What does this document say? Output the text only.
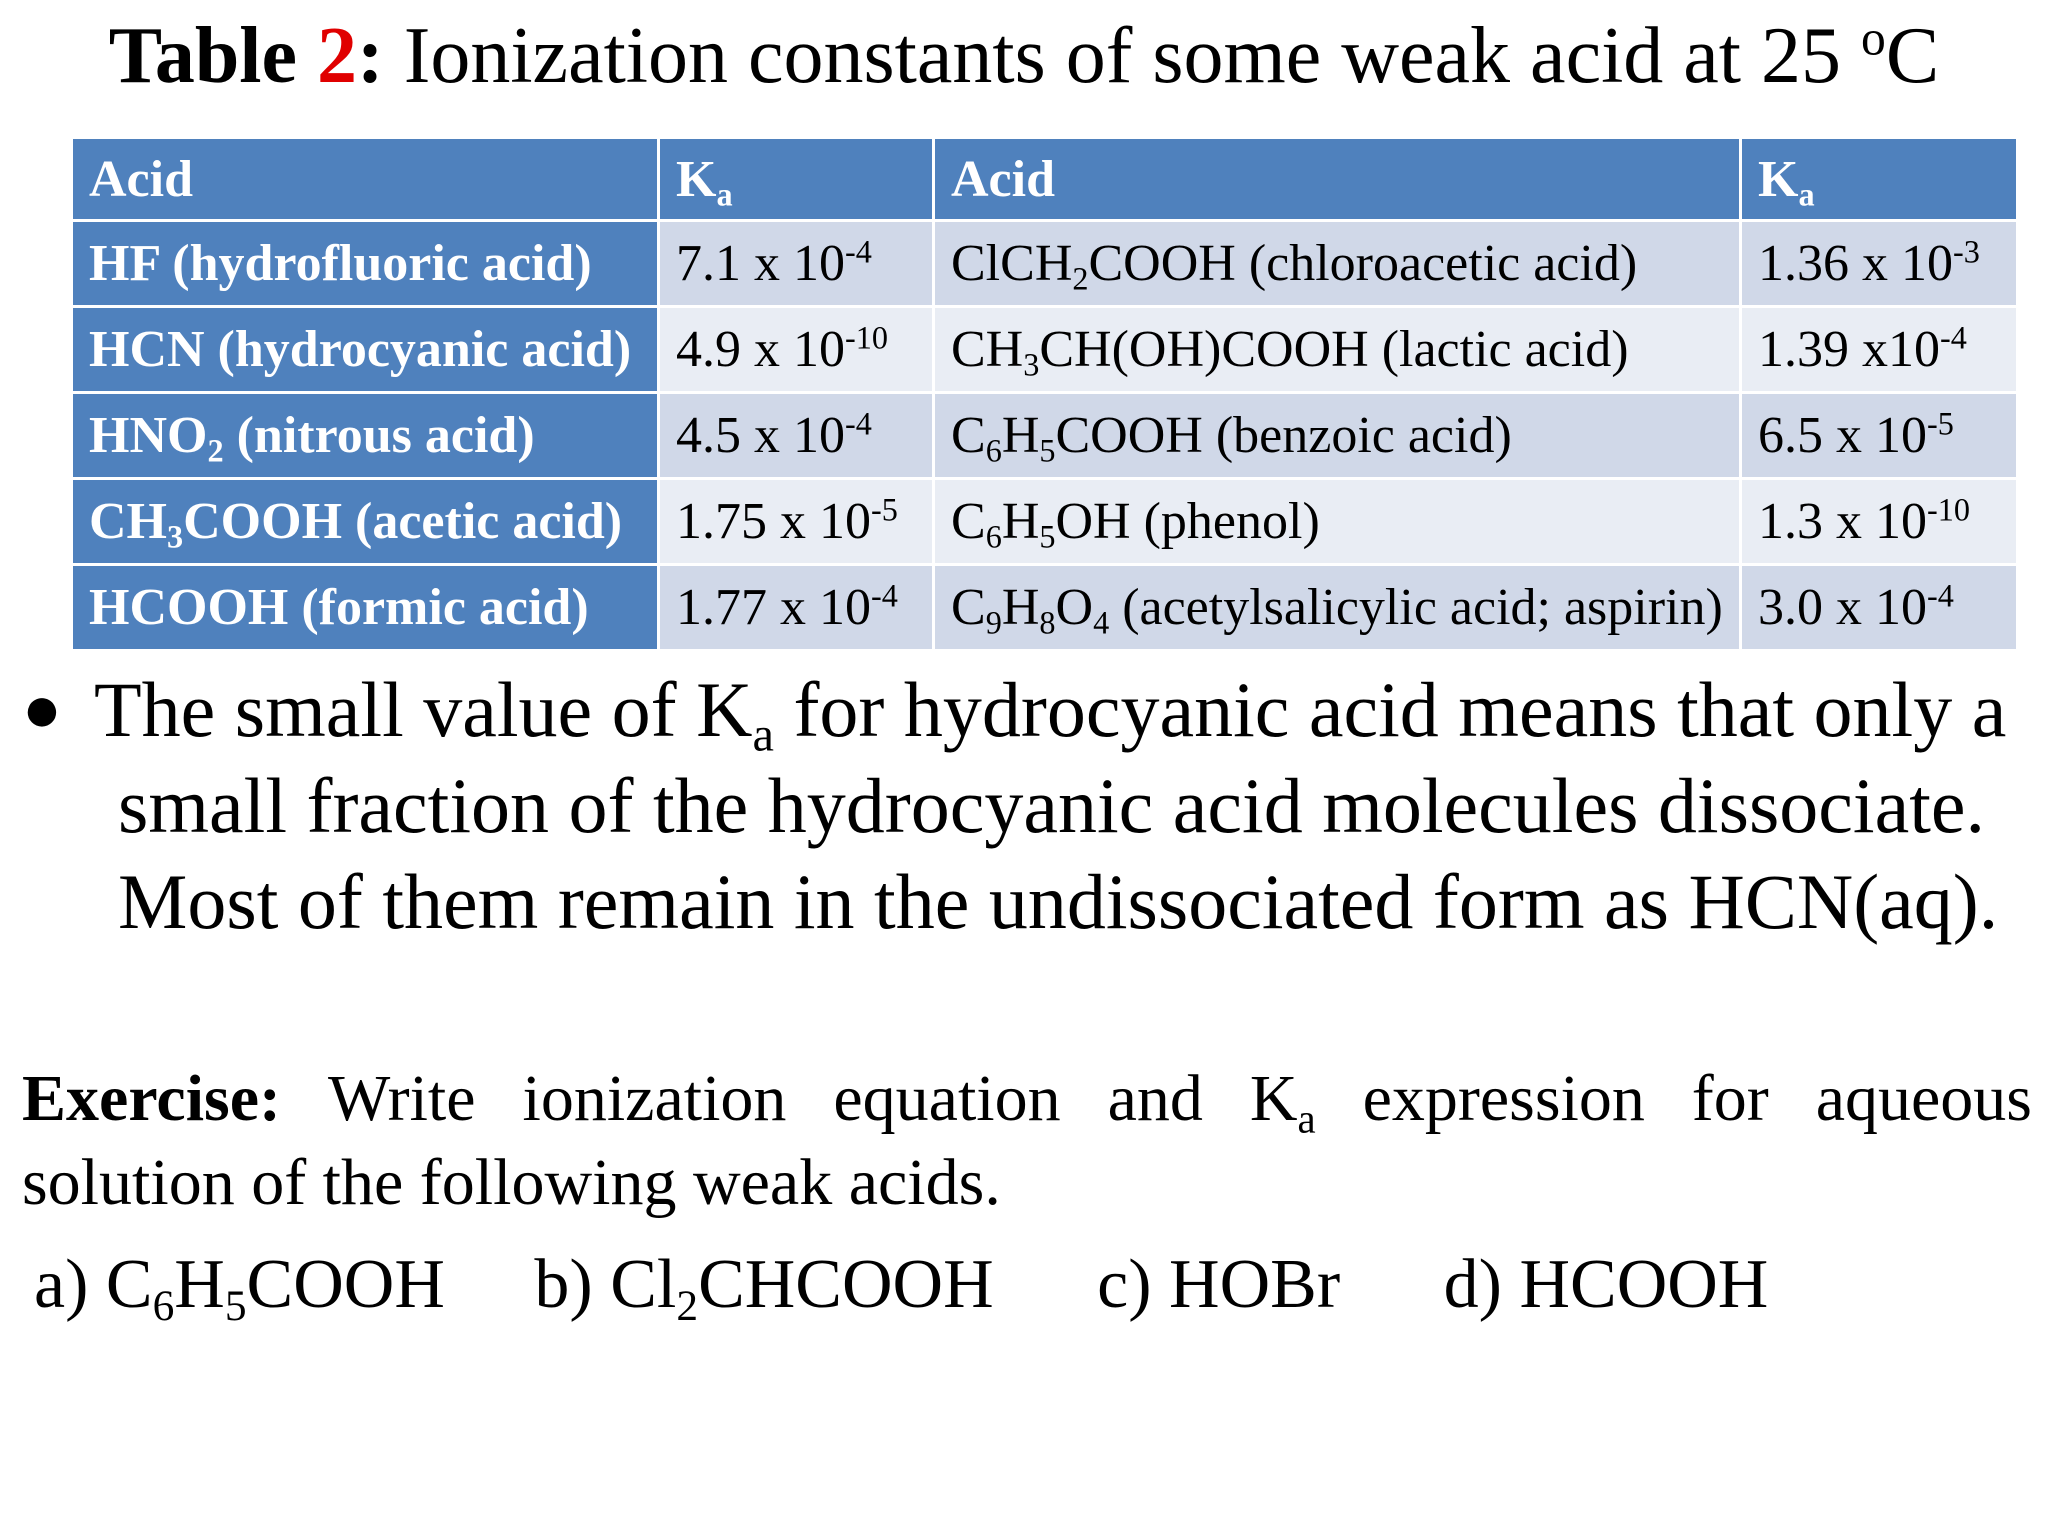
Table 2: Ionization constants of some weak acid at 25 $^o$C
Acid	$K_a$	Acid	$K_a$
HF (hydrofluoric acid)	7.1 x $10^{-4}$	ClCH$_2$COOH (chloroacetic acid)	1.36 x $10^{-3}$
HCN (hydrocyanic acid)	4.9 x $10^{-10}$	$CH_3CH(OH)COOH$ (lactic acid)	1.39 $x10^{-4}$
$HNO_2$ (nitrous acid)	4.5 x $10^{-4}$	$C_6H_5COOH$ (benzoic acid)	6.5 x $10^{-5}$
$CH_3COOH$ (acetic acid)	1.75 x $10^{-5}$	$C_6H_5OH$ (phenol)	1.3 x $10^{-10}$
HCOOH (formic acid)	1.77 x $10^{-4}$	$C_9H_8O_4$ (acetylsalicylic acid; aspirin)	3.0 x $10^{-4}$
● The small value of $K_a$ for hydrocyanic acid means that only a
small fraction of the hydrocyanic acid molecules dissociate.
Most of them remain in the undissociated form as HCN(aq).
Exercise: Write ionization equation and $K_a$ expression for aqueous
solution of the following weak acids.
a) $C_6H_5COOH$ b) $Cl_2CHCOOH$ c) HOBr d) HCOOH
